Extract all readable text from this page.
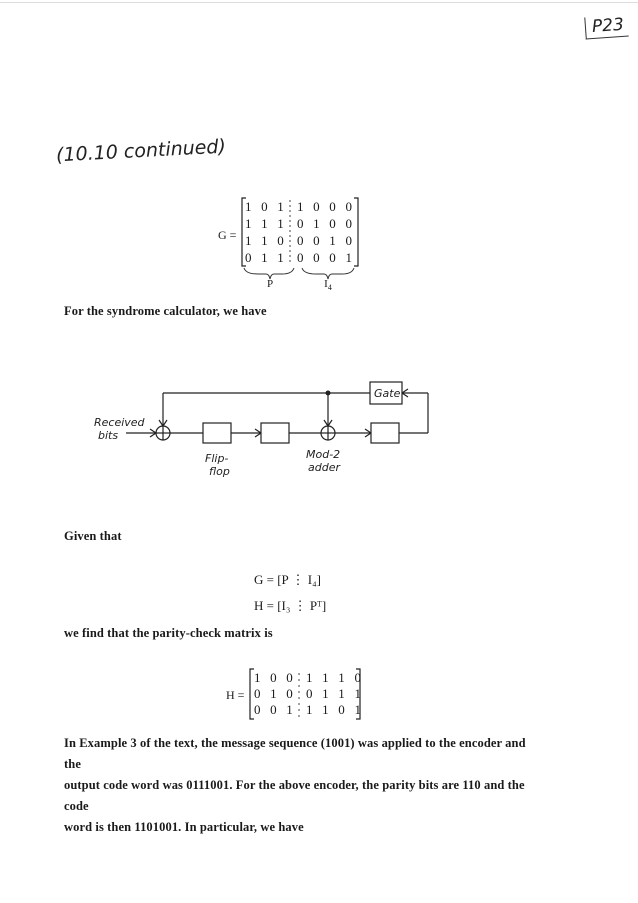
P23
(10.10 continued)
G =
1 0 1
1 1 1
1 1 0
0 1 1
1 0 0 0
0 1 0 0
0 0 1 0
0 0 0 1
P	$I_4$
For the syndrome calculator, we have
Gate
Received
bits
Flip-
flop
Mod-2
adder
Given that
G = [P ⋮ I₄]
H = [I₃ ⋮ Pᵀ]
we find that the parity-check matrix is
H =
1 0 0
0 1 0
0 0 1
1 1 1 0
0 1 1 1
1 1 0 1
In Example 3 of the text, the message sequence (1001) was applied to the encoder and the
output code word was 0111001. For the above encoder, the parity bits are 110 and the code
word is then 1101001. In particular, we have
